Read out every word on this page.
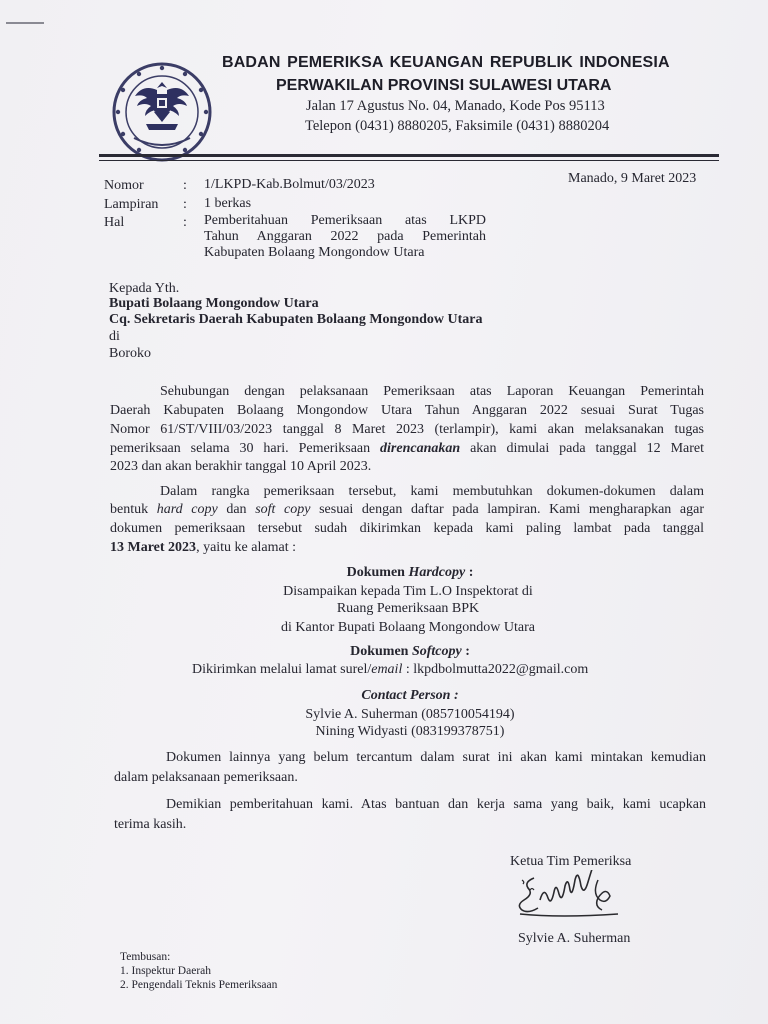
BADAN PEMERIKSA KEUANGAN REPUBLIK INDONESIA
PERWAKILAN PROVINSI SULAWESI UTARA
Jalan 17 Agustus No. 04, Manado, Kode Pos 95113
Telepon (0431) 8880205, Faksimile (0431) 8880204
Manado, 9 Maret 2023
Nomor	: 1/LKPD-Kab.Bolmut/03/2023
Lampiran : 1 berkas
Hal	: Pemberitahuan Pemeriksaan atas LKPD
Tahun Anggaran 2022 pada Pemerintah
Kabupaten Bolaang Mongondow Utara
Kepada Yth.
Bupati Bolaang Mongondow Utara
Cq. Sekretaris Daerah Kabupaten Bolaang Mongondow Utara
di
Boroko
Sehubungan dengan pelaksanaan Pemeriksaan atas Laporan Keuangan Pemerintah
Daerah Kabupaten Bolaang Mongondow Utara Tahun Anggaran 2022 sesuai Surat Tugas
Nomor 61/ST/VIII/03/2023 tanggal 8 Maret 2023 (terlampir), kami akan melaksanakan tugas
pemeriksaan selama 30 hari. Pemeriksaan direncanakan akan dimulai pada tanggal 12 Maret
2023 dan akan berakhir tanggal 10 April 2023.
Dalam rangka pemeriksaan tersebut, kami membutuhkan dokumen-dokumen dalam
bentuk hard copy dan soft copy sesuai dengan daftar pada lampiran. Kami mengharapkan agar
dokumen pemeriksaan tersebut sudah dikirimkan kepada kami paling lambat pada tanggal
13 Maret 2023, yaitu ke alamat :
Dokumen Hardcopy :
Disampaikan kepada Tim L.O Inspektorat di
Ruang Pemeriksaan BPK
di Kantor Bupati Bolaang Mongondow Utara
Dokumen Softcopy :
Dikirimkan melalui lamat surel/email : lkpdbolmutta2022@gmail.com
Contact Person :
Sylvie A. Suherman (085710054194)
Nining Widyasti (083199378751)
Dokumen lainnya yang belum tercantum dalam surat ini akan kami mintakan kemudian
dalam pelaksanaan pemeriksaan.
Demikian pemberitahuan kami. Atas bantuan dan kerja sama yang baik, kami ucapkan
terima kasih.
Ketua Tim Pemeriksa
Sylvie A. Suherman
Tembusan:
1. Inspektur Daerah
2. Pengendali Teknis Pemeriksaan
